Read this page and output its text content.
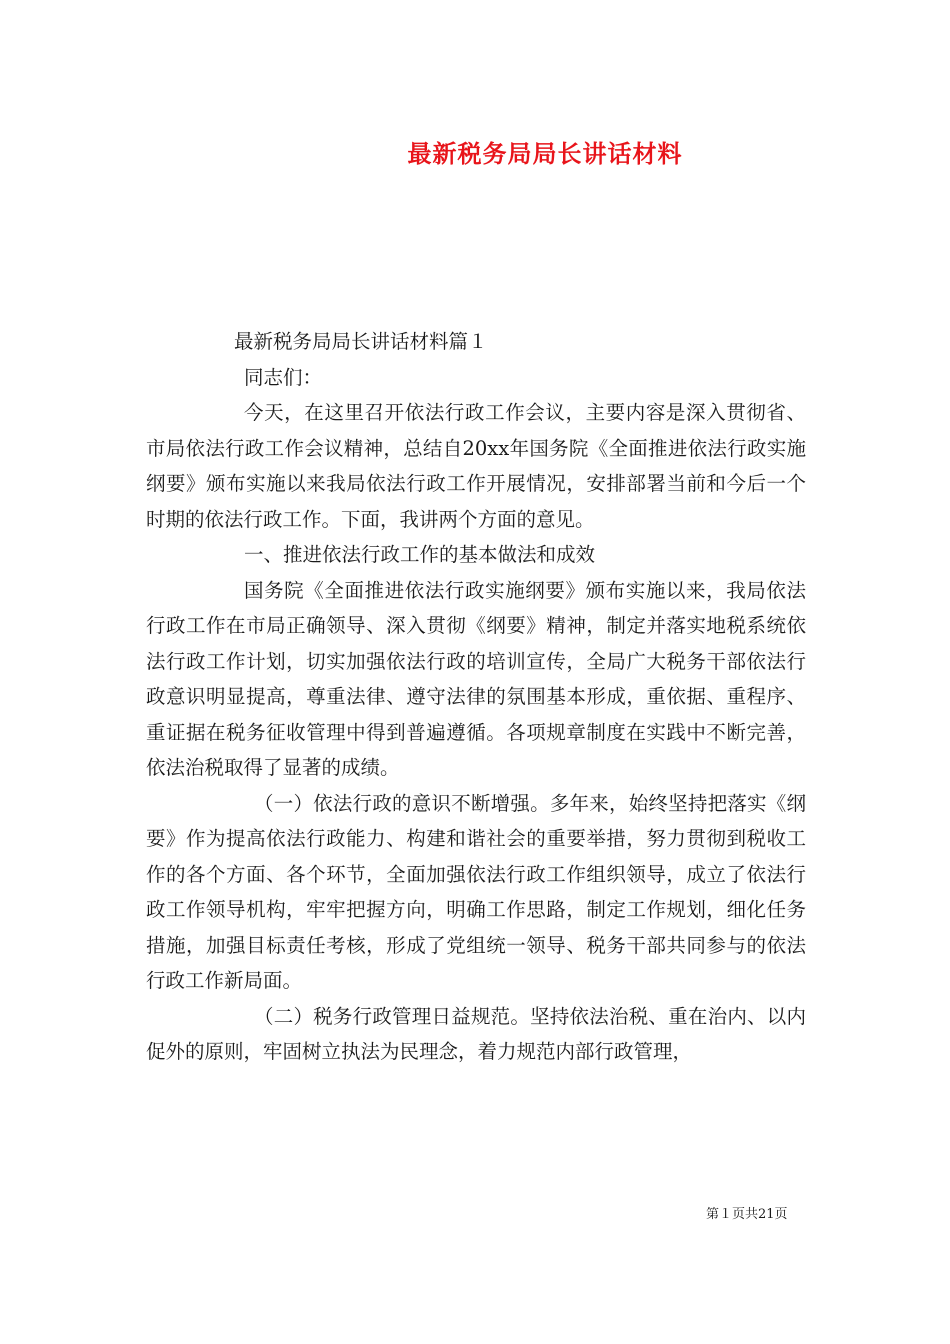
最新税务局局长讲话材料

最新税务局局长讲话材料篇１

同志们：

今天，在这里召开依法行政工作会议，主要内容是深入贯彻省、市局依法行政工作会议精神，总结自20xx年国务院《全面推进依法行政实施纲要》颁布实施以来我局依法行政工作开展情况，安排部署当前和今后一个时期的依法行政工作。下面，我讲两个方面的意见。

一、推进依法行政工作的基本做法和成效

国务院《全面推进依法行政实施纲要》颁布实施以来，我局依法行政工作在市局正确领导、深入贯彻《纲要》精神，制定并落实地税系统依法行政工作计划，切实加强依法行政的培训宣传，全局广大税务干部依法行政意识明显提高，尊重法律、遵守法律的氛围基本形成，重依据、重程序、重证据在税务征收管理中得到普遍遵循。各项规章制度在实践中不断完善，依法治税取得了显著的成绩。

（一）依法行政的意识不断增强。多年来，始终坚持把落实《纲要》作为提高依法行政能力、构建和谐社会的重要举措，努力贯彻到税收工作的各个方面、各个环节，全面加强依法行政工作组织领导，成立了依法行政工作领导机构，牢牢把握方向，明确工作思路，制定工作规划，细化任务措施，加强目标责任考核，形成了党组统一领导、税务干部共同参与的依法行政工作新局面。

（二）税务行政管理日益规范。坚持依法治税、重在治内、以内促外的原则，牢固树立执法为民理念，着力规范内部行政管理，

第１页共21页
